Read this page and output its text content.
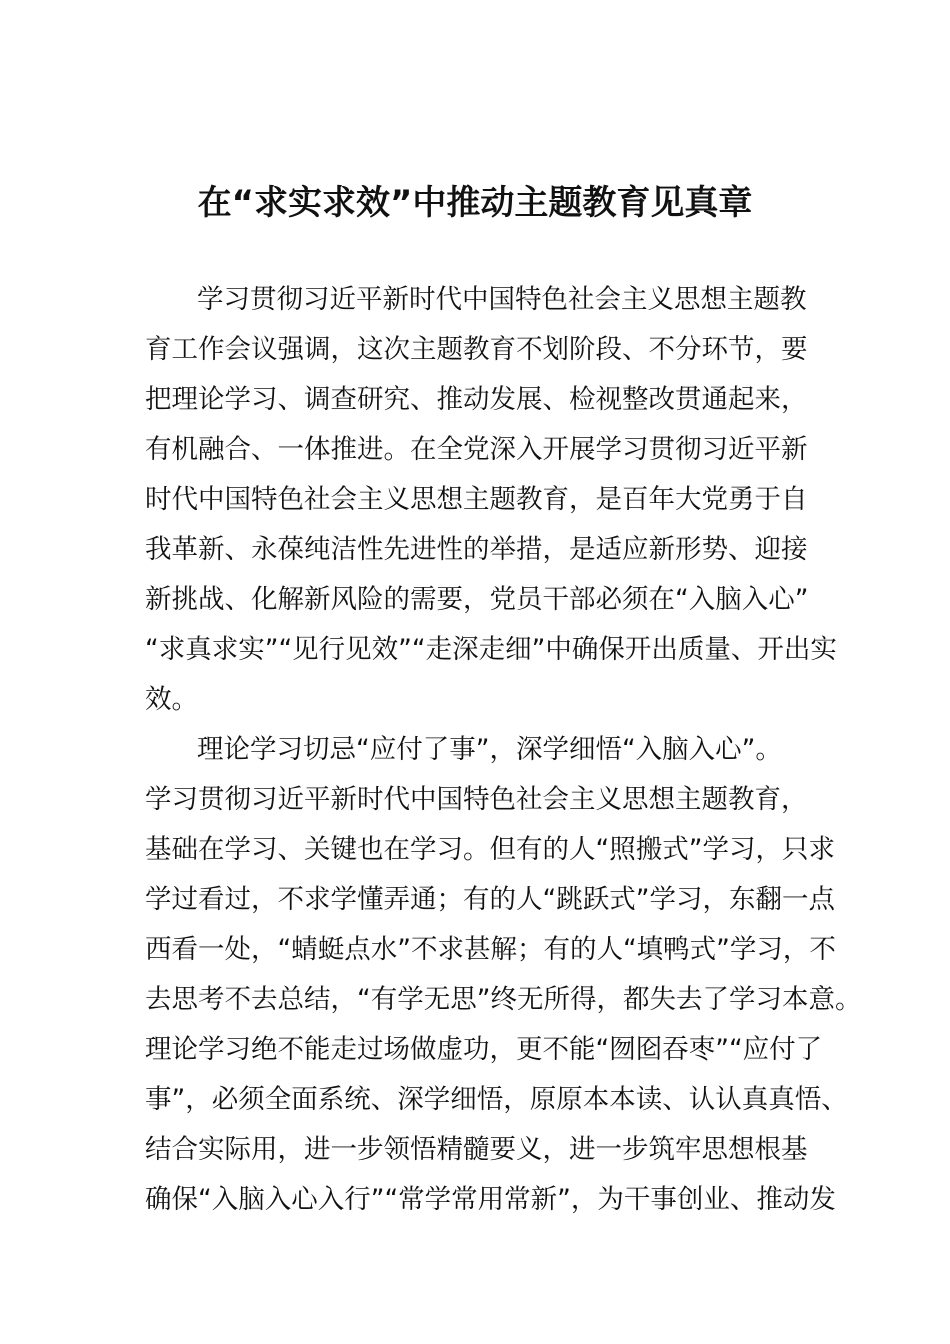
在“求实求效”中推动主题教育见真章
学习贯彻习近平新时代中国特色社会主义思想主题教
育工作会议强调，这次主题教育不划阶段、不分环节，要
把理论学习、调查研究、推动发展、检视整改贯通起来，
有机融合、一体推进。在全党深入开展学习贯彻习近平新
时代中国特色社会主义思想主题教育，是百年大党勇于自
我革新、永葆纯洁性先进性的举措，是适应新形势、迎接
新挑战、化解新风险的需要，党员干部必须在“入脑入心”
“求真求实”“见行见效”“走深走细”中确保开出质量、开出实
效。
理论学习切忌“应付了事”，深学细悟“入脑入心”。
学习贯彻习近平新时代中国特色社会主义思想主题教育，
基础在学习、关键也在学习。但有的人“照搬式”学习，只求
学过看过，不求学懂弄通；有的人“跳跃式”学习，东翻一点
西看一处，“蜻蜓点水”不求甚解；有的人“填鸭式”学习，不
去思考不去总结，“有学无思”终无所得，都失去了学习本意。
理论学习绝不能走过场做虚功，更不能“囫囵吞枣”“应付了
事”，必须全面系统、深学细悟，原原本本读、认认真真悟、
结合实际用，进一步领悟精髓要义，进一步筑牢思想根基
确保“入脑入心入行”“常学常用常新”，为干事创业、推动发
